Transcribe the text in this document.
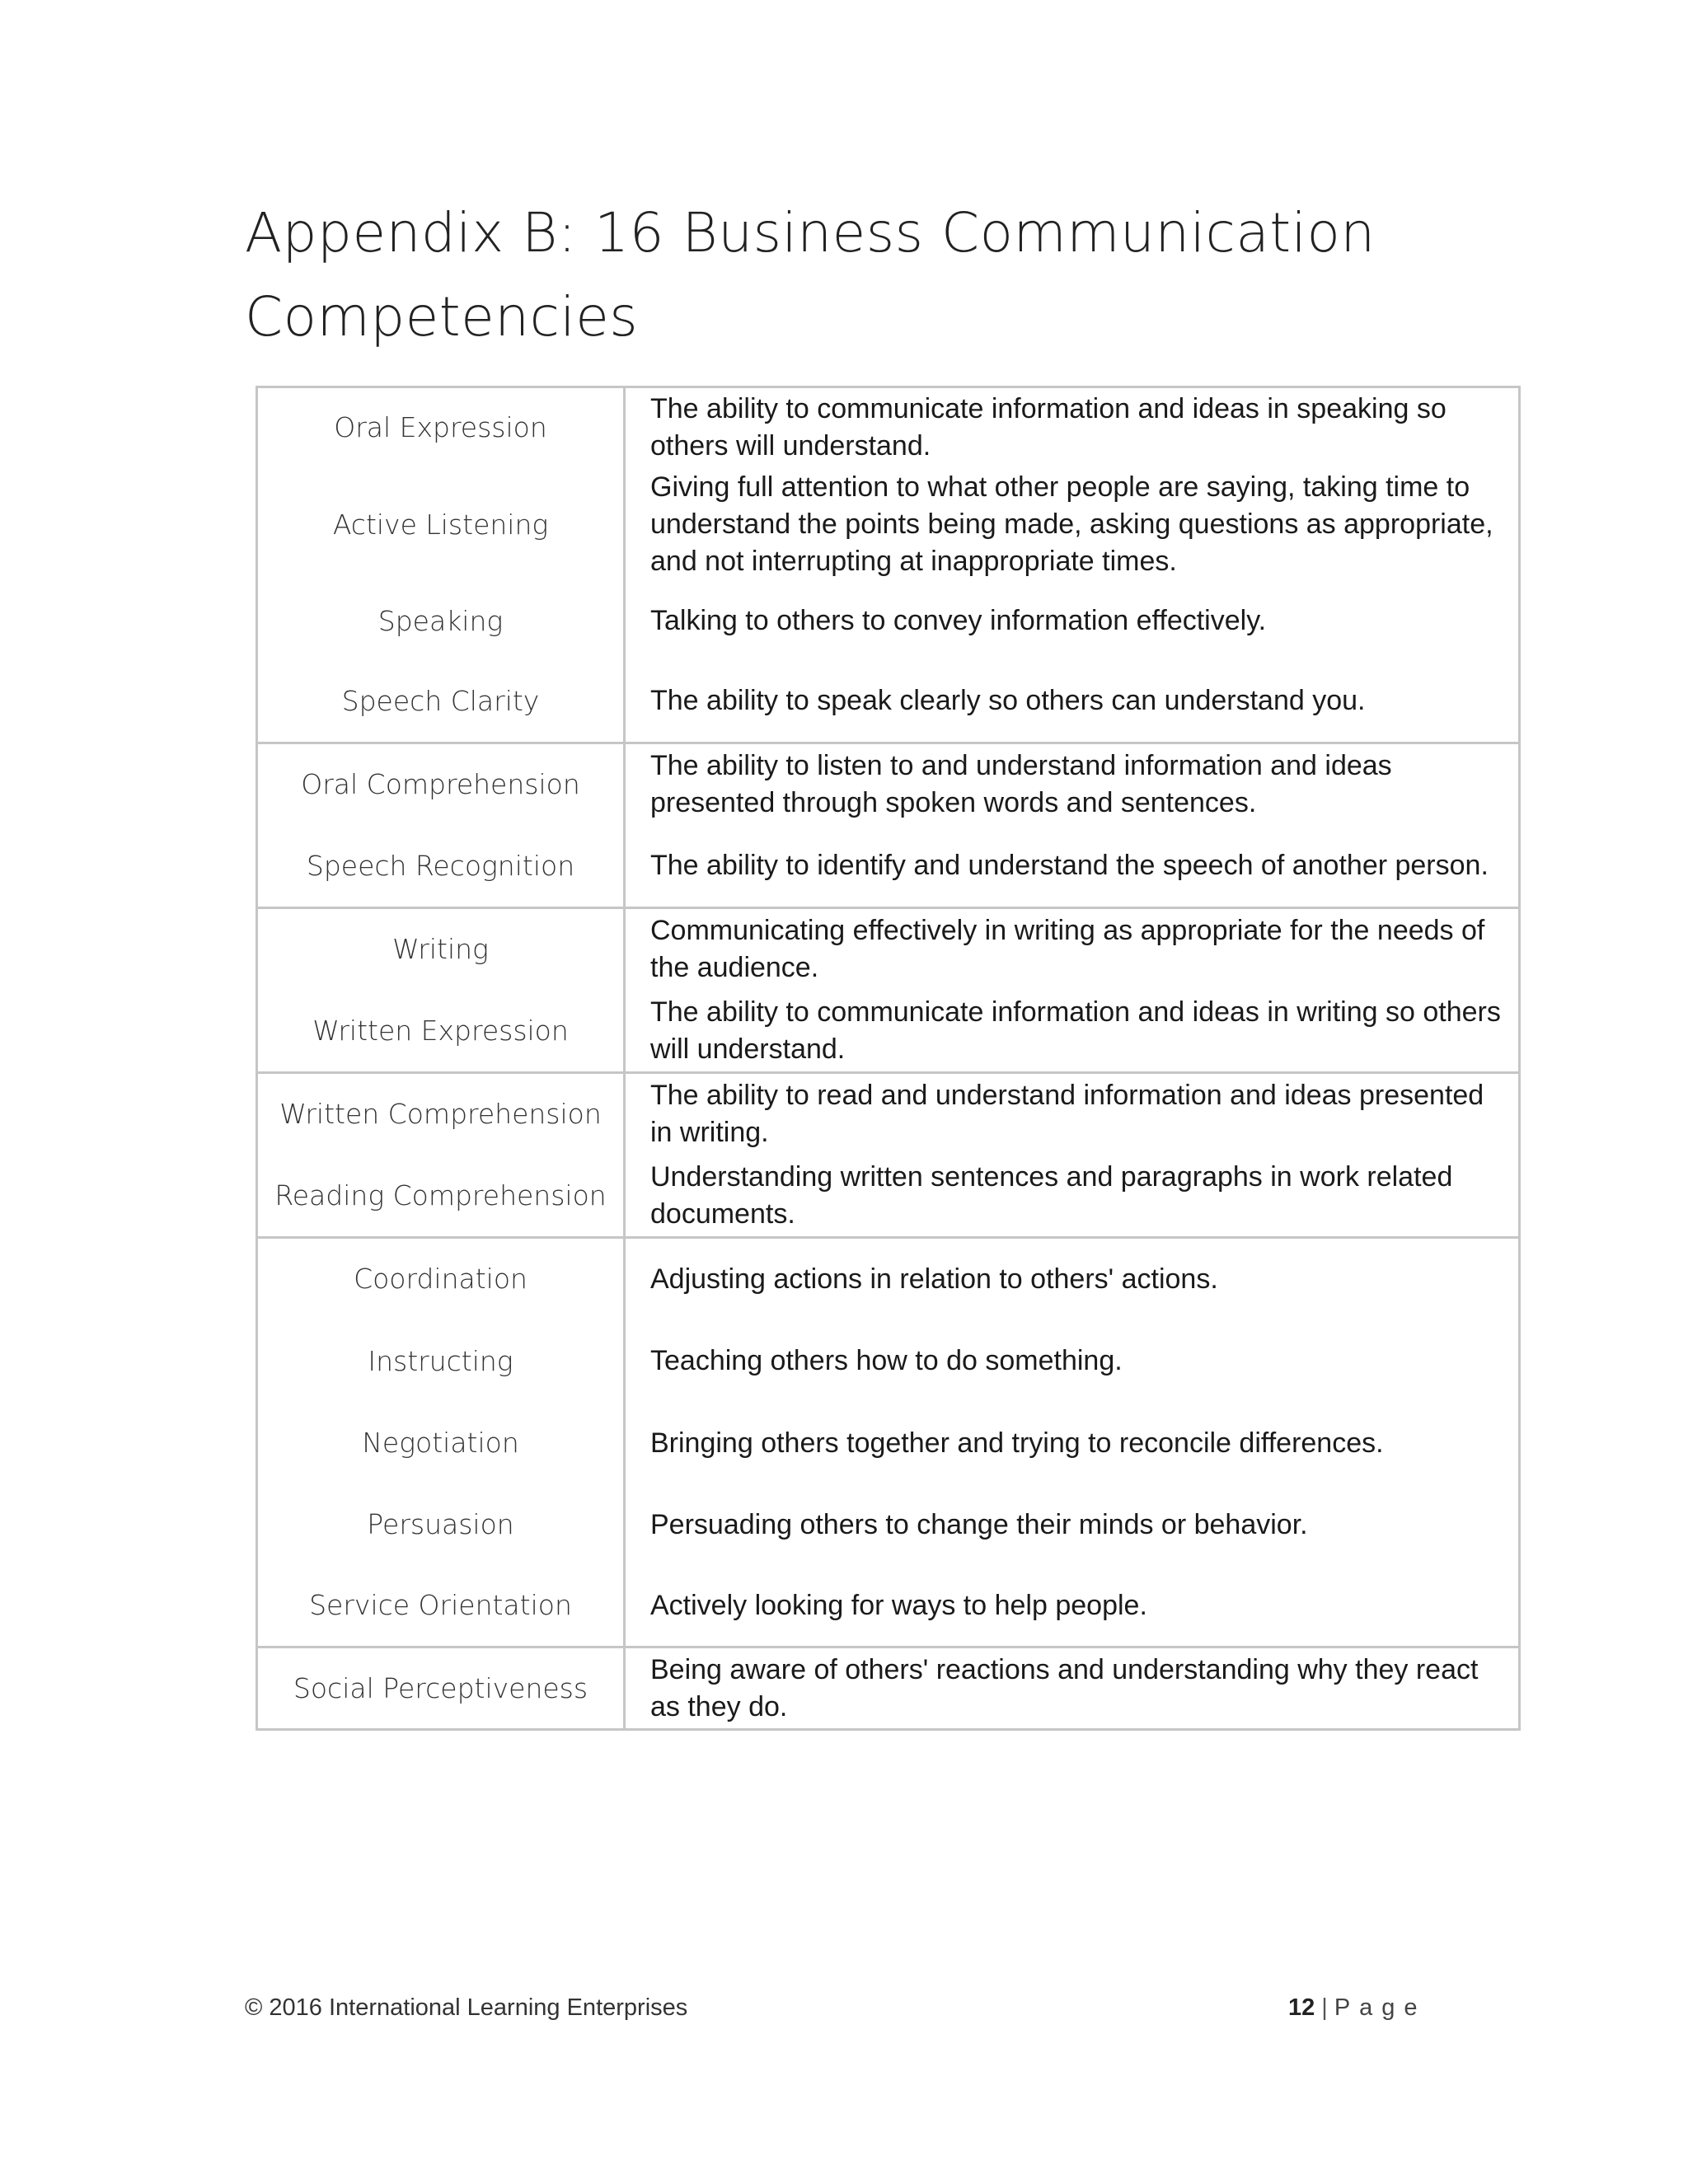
Appendix B: 16 Business Communication
Competencies
Oral Expression	The ability to communicate information and ideas in speaking so others will understand.
Active Listening	Giving full attention to what other people are saying, taking time to understand the points being made, asking questions as appropriate, and not interrupting at inappropriate times.
Speaking	Talking to others to convey information effectively.
Speech Clarity	The ability to speak clearly so others can understand you.
Oral Comprehension	The ability to listen to and understand information and ideas presented through spoken words and sentences.
Speech Recognition	The ability to identify and understand the speech of another person.
Writing	Communicating effectively in writing as appropriate for the needs of the audience.
Written Expression	The ability to communicate information and ideas in writing so others will understand.
Written Comprehension	The ability to read and understand information and ideas presented in writing.
Reading Comprehension	Understanding written sentences and paragraphs in work related documents.
Coordination	Adjusting actions in relation to others' actions.
Instructing	Teaching others how to do something.
Negotiation	Bringing others together and trying to reconcile differences.
Persuasion	Persuading others to change their minds or behavior.
Service Orientation	Actively looking for ways to help people.
Social Perceptiveness	Being aware of others' reactions and understanding why they react as they do.
© 2016 International Learning Enterprises	12 | Page
